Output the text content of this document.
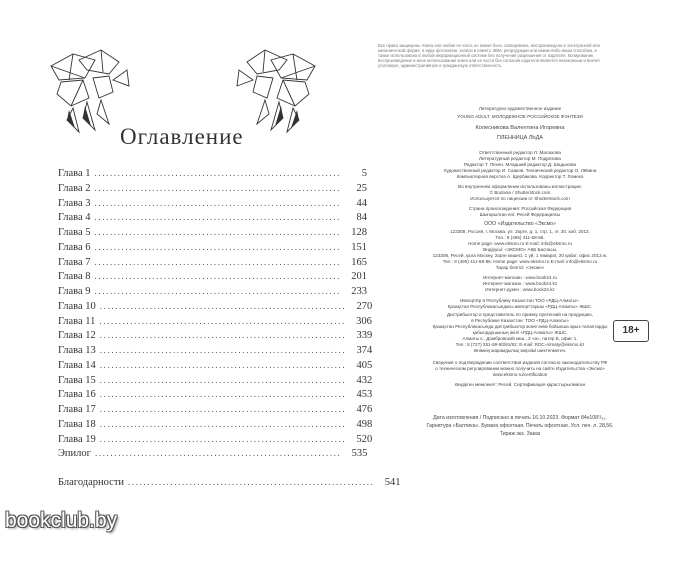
Оглавление
Глава 1 ................................................................	5
Глава 2 ................................................................	25
Глава 3 ................................................................	44
Глава 4 ................................................................	84
Глава 5 ................................................................ 128
Глава 6 ................................................................ 151
Глава 7 ................................................................ 165
Глава 8 ................................................................ 201
Глава 9 ................................................................ 233
Глава 10 ................................................................ 270
Глава 11 ................................................................ 306
Глава 12 ................................................................ 339
Глава 13 ................................................................ 374
Глава 14 ................................................................ 405
Глава 15 ................................................................ 432
Глава 16 ................................................................ 453
Глава 17 ................................................................ 476
Глава 18 ................................................................ 498
Глава 19 ................................................................ 520
Эпилог ................................................................ 535
Благодарности ................................................................ 541
Все права защищены. Книга или любая ее часть не может быть скопирована, воспроизведена в электронной или механической форме, в виде фотокопии, записи в память ЭВМ, репродукции или каким-либо иным способом, а также использована в любой информационной системе без получения разрешения от издателя. Копирование, воспроизведение и иное использование книги или ее части без согласия издателя является незаконным и влечет уголовную, административную и гражданскую ответственность.
Литературно-художественное издание
YOUNG ADULT. МОЛОДЕЖНОЕ РОССИЙСКОЕ ФЭНТЕЗИ
Колесникова Валентина Игоревна
ПЛЕННИЦА ЛЬДА
Ответственный редактор Л. Малахова
Литературный редактор М. Подрезова
Редактор Т. Пехен. Младший редактор Д. Шадыкова
Художественный редактор И. Сааков. Технический редактор О. Лёвина
Компьютерная верстка А. Щербакова. Корректор Т. Ломеко
Во внутреннем оформлении использованы иллюстрации:
© Bodosia / Shutterstock.com
Используется по лицензии от Shutterstock.com
Страна происхождения: Российская Федерация
Шығарылған елі: Ресей Федерациясы
ООО «Издательство «Эксмо»
123308, Россия, г. Москва, ул. Зорге, д. 1, стр. 1, эт. 20, каб. 2013.
Тел.: 8 (495) 411-68-86.
Home page: www.eksmo.ru E-mail: info@eksmo.ru
Өндіруші: «ЭКСМО» АҚБ Баспасы,
123308, Ресей, қала Мәскеу, Зорге көшесі, 1 үй, 1 ғимарат, 20 қабат, офис 2013 ж.
Тел.: 8 (495) 411-68-86. Home page: www.eksmo.ru E-mail: info@eksmo.ru
Тауар белгісі: «Эксмо»
Интернет-магазин : www.book24.ru
Интернет-магазин : www.book24.kz
Интернет-дүкен : www.book24.kz
18+
Импортёр в Республику Казахстан ТОО «РДЦ-Алматы».
Қазақстан Республикасындағы импорттаушы «РДЦ-Алматы» ЖШС.
Дистрибьютор и представитель по приему претензий на продукцию,
в Республике Казахстан: ТОО «РДЦ-Алматы»
Қазақстан Республикасында дистрибьютор және өнім бойынша арыз-талаптарды
қабылдаушының өкілі «РДЦ-Алматы» ЖШС,
Алматы к., Домбровский көш., 3 «а», литер Б, офис 1.
Тел.: 8 (727) 251-59-90/91/92; E-mail: RDC-Almaty@eksmo.kz
Өнімнің жарамдылық мерзімі шектелмеген.
Сведения о подтверждении соответствия издания согласно законодательству РФ
о техническом регулировании можно получить на сайте Издательства «Эксмо»
www.eksmo.ru/certification
Өндірген мемлекет: Ресей. Сертификация қарастырылмаған
Дата изготовления / Подписано в печать 16.10.2023. Формат 84x108¹/₃₂.
Гарнитура «Балтика». Бумага офсетная. Печать офсетная. Усл. печ. л. 28,56.
Тираж экз. Заказ
bookclub.by
